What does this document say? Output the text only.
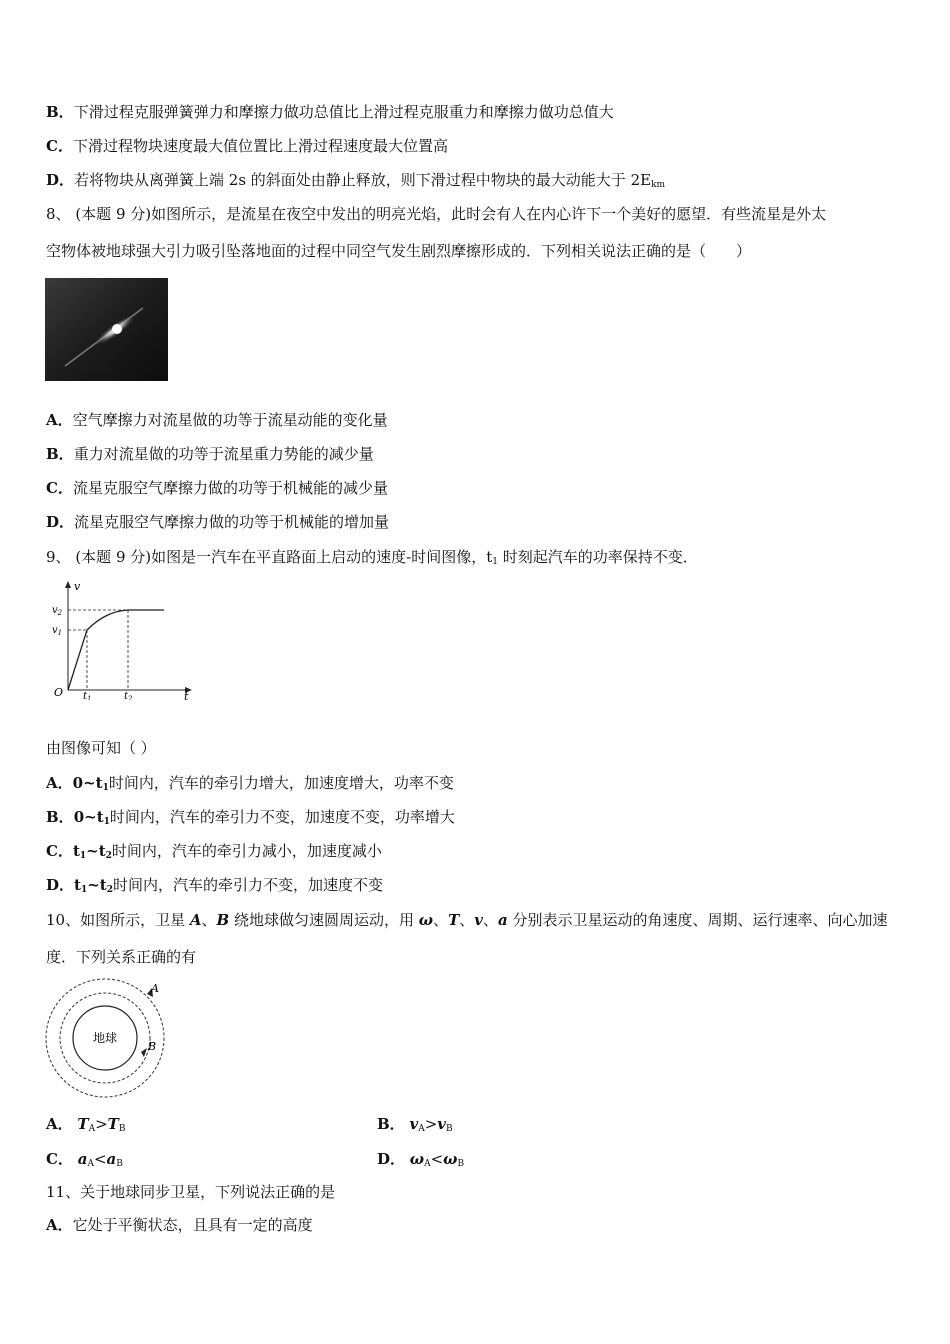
B．下滑过程克服弹簧弹力和摩擦力做功总值比上滑过程克服重力和摩擦力做功总值大
C．下滑过程物块速度最大值位置比上滑过程速度最大位置高
D．若将物块从离弹簧上端 2s 的斜面处由静止释放，则下滑过程中物块的最大动能大于 $2E_{km}$
8、 (本题 9 分)如图所示，是流星在夜空中发出的明亮光焰，此时会有人在内心许下一个美好的愿望．有些流星是外太
空物体被地球强大引力吸引坠落地面的过程中同空气发生剧烈摩擦形成的．下列相关说法正确的是（　　）
A．空气摩擦力对流星做的功等于流星动能的变化量
B．重力对流星做的功等于流星重力势能的减少量
C．流星克服空气摩擦力做的功等于机械能的减少量
D．流星克服空气摩擦力做的功等于机械能的增加量
9、 (本题 9 分)如图是一汽车在平直路面上启动的速度-时间图像，$t_1$ 时刻起汽车的功率保持不变．
v
t
O
$v_2$
$v_1$
$t_1$	$t_2$
由图像可知（ ）
A．$0\sim t_1$时间内，汽车的牵引力增大，加速度增大，功率不变
B．$0\sim t_1$时间内，汽车的牵引力不变，加速度不变，功率增大
C．$t_1\sim t_2$时间内，汽车的牵引力减小，加速度减小
D．$t_1\sim t_2$时间内，汽车的牵引力不变，加速度不变
10、如图所示，卫星 A、B 绕地球做匀速圆周运动，用 ω、T、v、a 分别表示卫星运动的角速度、周期、运行速率、向心加速
度．下列关系正确的有
地球
A
B
A． $T_A>T_B$	B． $v_A>v_B$
C． $a_A<a_B$	D． $\omega_A<\omega_B$
11、关于地球同步卫星，下列说法正确的是
A．它处于平衡状态，且具有一定的高度
